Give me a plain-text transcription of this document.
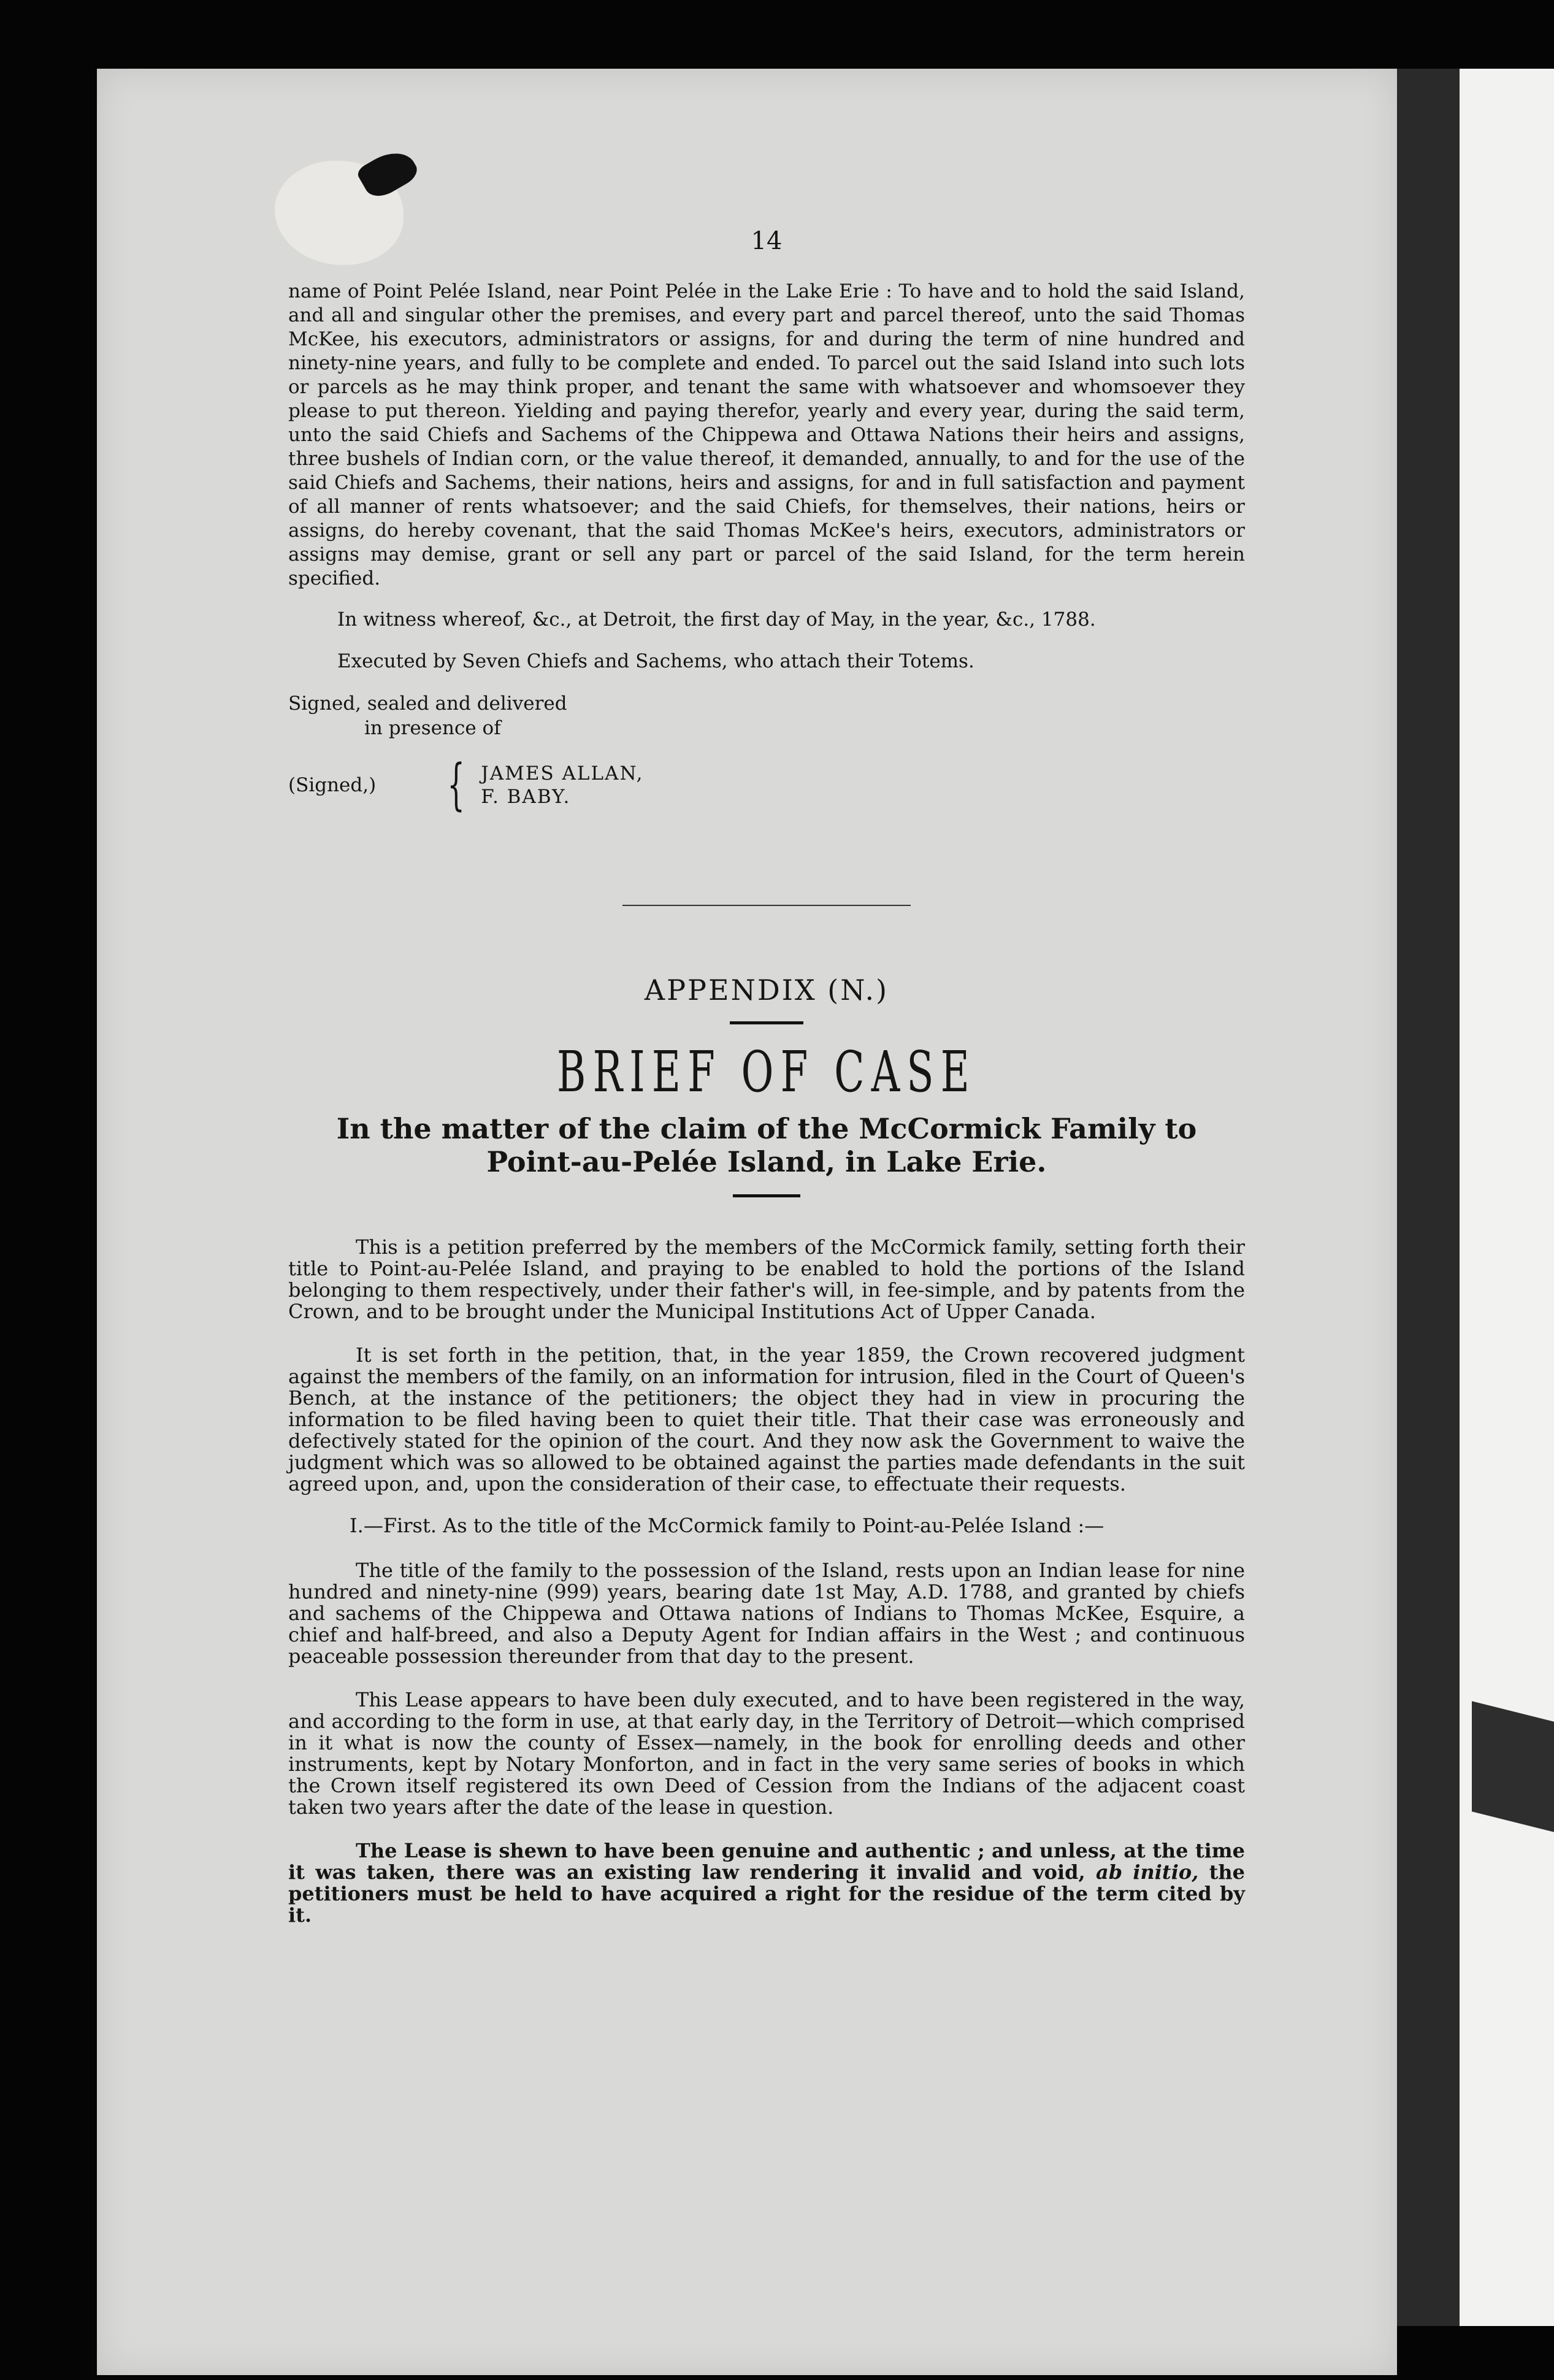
14

name of Point Pelée Island, near Point Pelée in the Lake Erie : To have and to hold the said Island, and all and singular other the premises, and every part and parcel thereof, unto the said Thomas McKee, his executors, administrators or assigns, for and during the term of nine hundred and ninety-nine years, and fully to be complete and ended. To parcel out the said Island into such lots or parcels as he may think proper, and tenant the same with whatsoever and whomsoever they please to put thereon. Yielding and paying therefor, yearly and every year, during the said term, unto the said Chiefs and Sachems of the Chippewa and Ottawa Nations their heirs and assigns, three bushels of Indian corn, or the value thereof, it demanded, annually, to and for the use of the said Chiefs and Sachems, their nations, heirs and assigns, for and in full satisfaction and payment of all manner of rents whatsoever; and the said Chiefs, for themselves, their nations, heirs or assigns, do hereby covenant, that the said Thomas McKee's heirs, executors, administrators or assigns may demise, grant or sell any part or parcel of the said Island, for the term herein specified.

In witness whereof, &c., at Detroit, the first day of May, in the year, &c., 1788.

Executed by Seven Chiefs and Sachems, who attach their Totems.

Signed, sealed and delivered
in presence of
(Signed,)	{ JAMES ALLAN,
F. BABY.
APPENDIX (N.)
BRIEF OF CASE
In the matter of the claim of the McCormick Family to Point-au-Pelée Island, in Lake Erie.

This is a petition preferred by the members of the McCormick family, setting forth their title to Point-au-Pelée Island, and praying to be enabled to hold the portions of the Island belonging to them respectively, under their father's will, in fee-simple, and by patents from the Crown, and to be brought under the Municipal Institutions Act of Upper Canada.

It is set forth in the petition, that, in the year 1859, the Crown recovered judgment against the members of the family, on an information for intrusion, filed in the Court of Queen's Bench, at the instance of the petitioners; the object they had in view in procuring the information to be filed having been to quiet their title. That their case was erroneously and defectively stated for the opinion of the court. And they now ask the Government to waive the judgment which was so allowed to be obtained against the parties made defendants in the suit agreed upon, and, upon the consideration of their case, to effectuate their requests.

I.—First. As to the title of the McCormick family to Point-au-Pelée Island :—

The title of the family to the possession of the Island, rests upon an Indian lease for nine hundred and ninety-nine (999) years, bearing date 1st May, A.D. 1788, and granted by chiefs and sachems of the Chippewa and Ottawa nations of Indians to Thomas McKee, Esquire, a chief and half-breed, and also a Deputy Agent for Indian affairs in the West ; and continuous peaceable possession thereunder from that day to the present.

This Lease appears to have been duly executed, and to have been registered in the way, and according to the form in use, at that early day, in the Territory of Detroit—which comprised in it what is now the county of Essex—namely, in the book for enrolling deeds and other instruments, kept by Notary Monforton, and in fact in the very same series of books in which the Crown itself registered its own Deed of Cession from the Indians of the adjacent coast taken two years after the date of the lease in question.

The Lease is shewn to have been genuine and authentic ; and unless, at the time it was taken, there was an existing law rendering it invalid and void, ab initio, the petitioners must be held to have acquired a right for the residue of the term cited by it.
